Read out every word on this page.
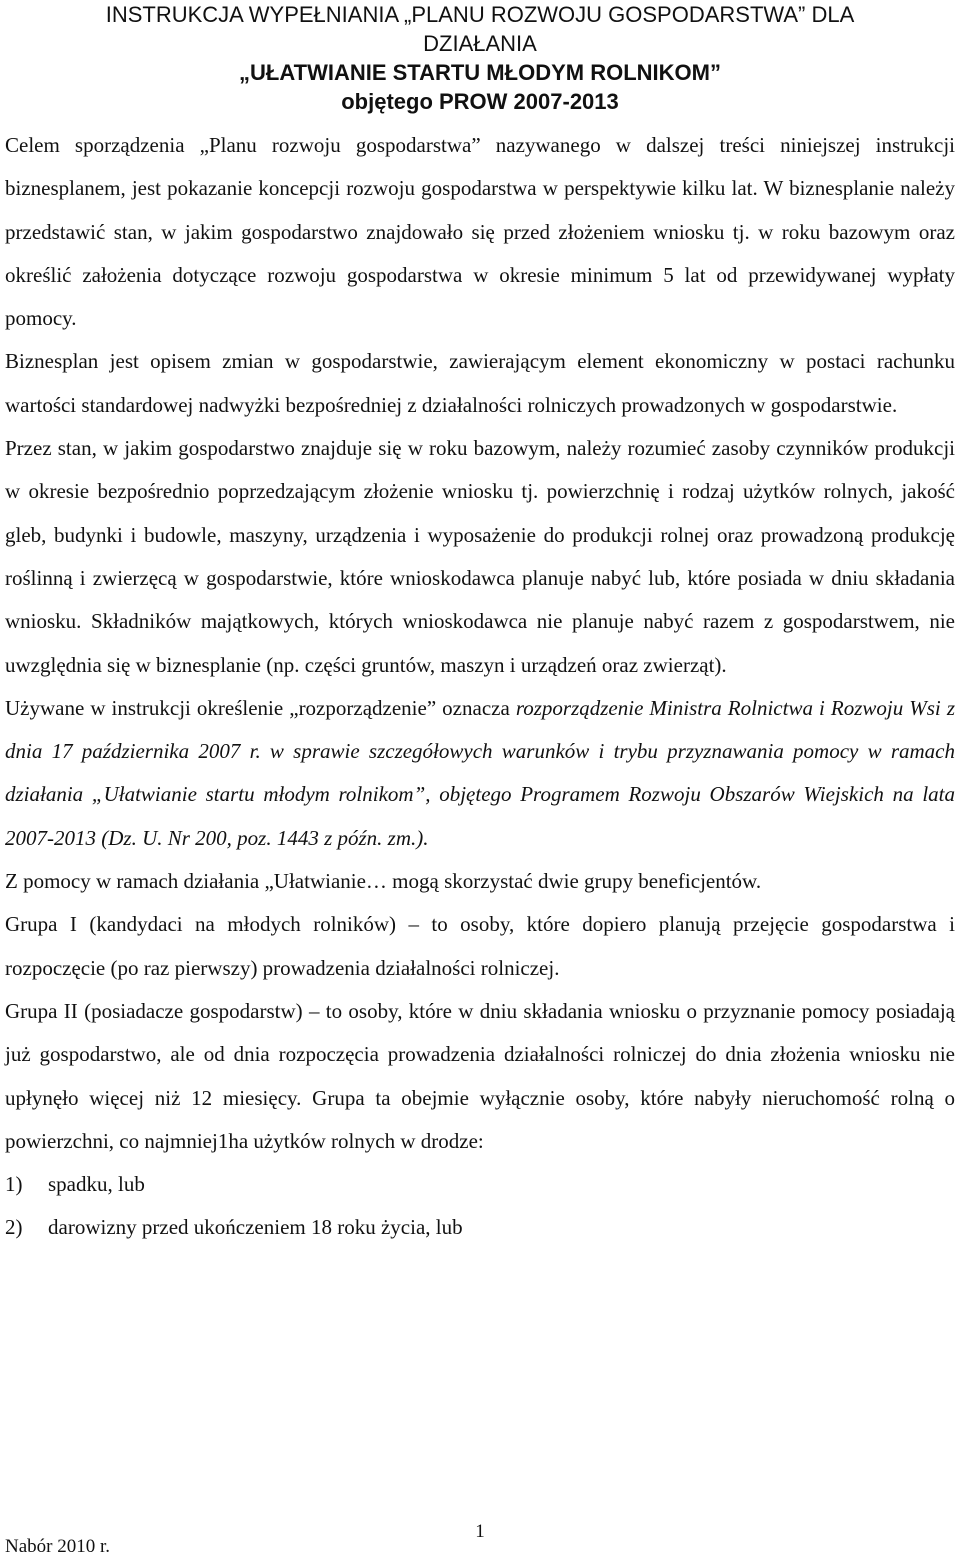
INSTRUKCJA WYPEŁNIANIA „PLANU ROZWOJU GOSPODARSTWA” DLA
DZIAŁANIA
„UŁATWIANIE STARTU MŁODYM ROLNIKOM”
objętego PROW 2007-2013

Celem sporządzenia „Planu rozwoju gospodarstwa” nazywanego w dalszej treści niniejszej instrukcji biznesplanem, jest pokazanie koncepcji rozwoju gospodarstwa w perspektywie kilku lat. W biznesplanie należy przedstawić stan, w jakim gospodarstwo znajdowało się przed złożeniem wniosku tj. w roku bazowym oraz określić założenia dotyczące rozwoju gospodarstwa w okresie minimum 5 lat od przewidywanej wypłaty pomocy.

Biznesplan jest opisem zmian w gospodarstwie, zawierającym element ekonomiczny w postaci rachunku wartości standardowej nadwyżki bezpośredniej z działalności rolniczych prowadzonych w gospodarstwie.

Przez stan, w jakim gospodarstwo znajduje się w roku bazowym, należy rozumieć zasoby czynników produkcji w okresie bezpośrednio poprzedzającym złożenie wniosku tj. powierzchnię i rodzaj użytków rolnych, jakość gleb, budynki i budowle, maszyny, urządzenia i wyposażenie do produkcji rolnej oraz prowadzoną produkcję roślinną i zwierzęcą w gospodarstwie, które wnioskodawca planuje nabyć lub, które posiada w dniu składania wniosku. Składników majątkowych, których wnioskodawca nie planuje nabyć razem z gospodarstwem, nie uwzględnia się w biznesplanie (np. części gruntów, maszyn i urządzeń oraz zwierząt).

Używane w instrukcji określenie „rozporządzenie” oznacza rozporządzenie Ministra Rolnictwa i Rozwoju Wsi z dnia 17 października 2007 r. w sprawie szczegółowych warunków i trybu przyznawania pomocy w ramach działania „Ułatwianie startu młodym rolnikom”, objętego Programem Rozwoju Obszarów Wiejskich na lata 2007-2013 (Dz. U. Nr 200, poz. 1443 z późn. zm.).

Z pomocy w ramach działania „Ułatwianie… mogą skorzystać dwie grupy beneficjentów.

Grupa I (kandydaci na młodych rolników) – to osoby, które dopiero planują przejęcie gospodarstwa i rozpoczęcie (po raz pierwszy) prowadzenia działalności rolniczej.

Grupa II (posiadacze gospodarstw) – to osoby, które w dniu składania wniosku o przyznanie pomocy posiadają już gospodarstwo, ale od dnia rozpoczęcia prowadzenia działalności rolniczej do dnia złożenia wniosku nie upłynęło więcej niż 12 miesięcy. Grupa ta obejmie wyłącznie osoby, które nabyły nieruchomość rolną o powierzchni, co najmniej1ha użytków rolnych w drodze:

1)	spadku, lub
2)	darowizny przed ukończeniem 18 roku życia, lub
1
Nabór 2010 r.
